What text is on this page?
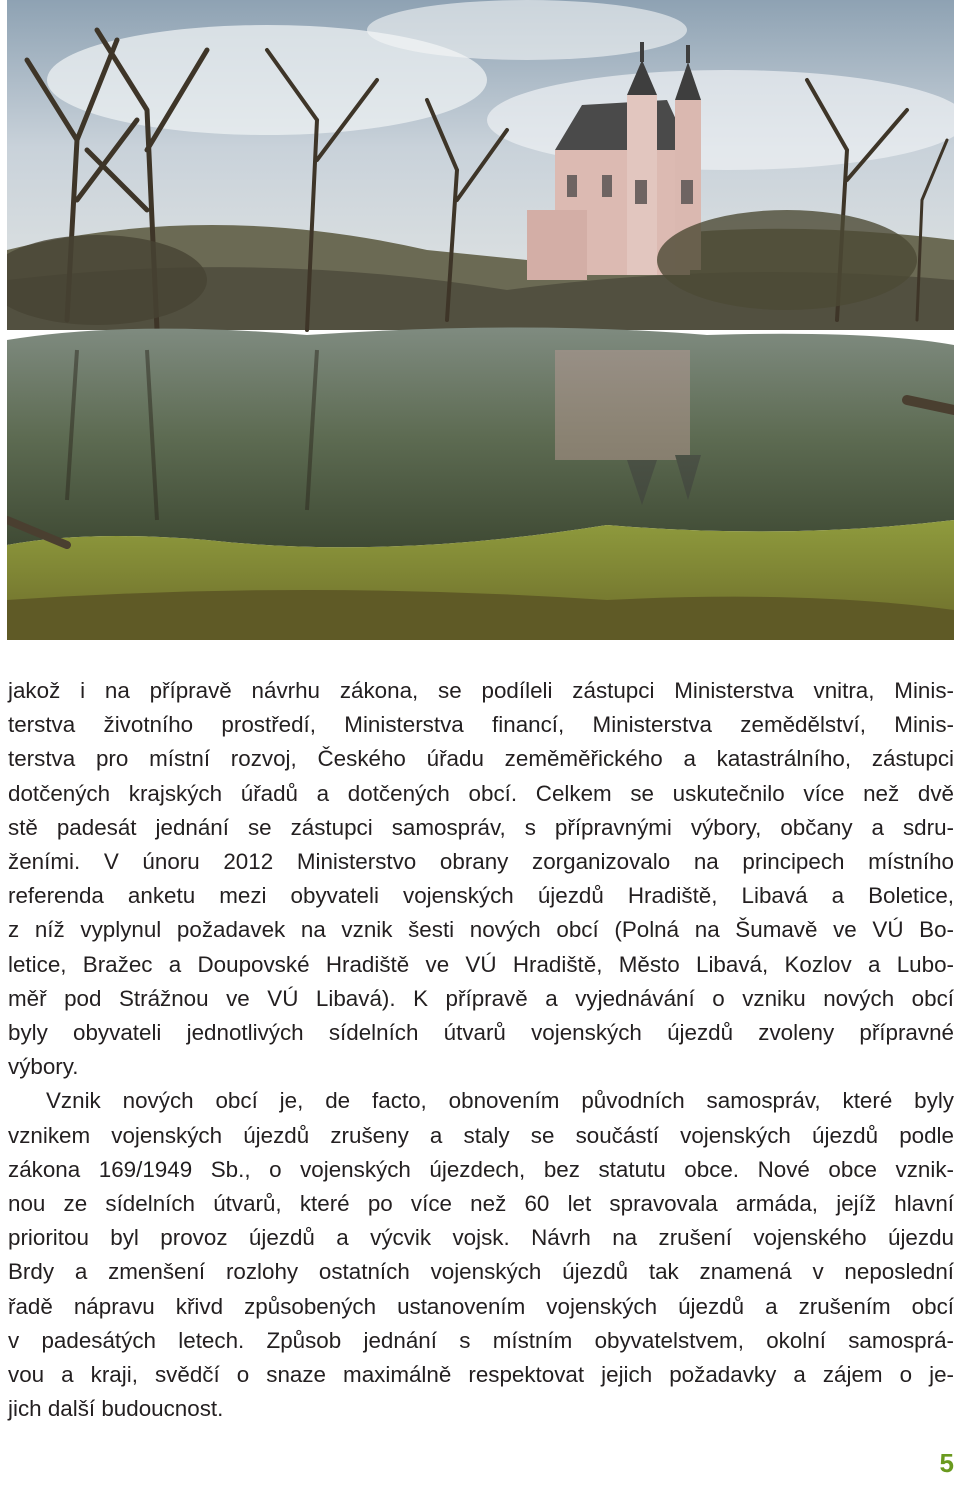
jakož i na přípravě návrhu zákona, se podíleli zástupci Ministerstva vnitra, Minis-
terstva životního prostředí, Ministerstva financí, Ministerstva zemědělství, Minis-
terstva pro místní rozvoj, Českého úřadu zeměměřického a katastrálního, zástupci
dotčených krajských úřadů a dotčených obcí. Celkem se uskutečnilo více než dvě
stě padesát jednání se zástupci samospráv, s přípravnými výbory, občany a sdru-
ženími. V únoru 2012 Ministerstvo obrany zorganizovalo na principech místního
referenda anketu mezi obyvateli vojenských újezdů Hradiště, Libavá a Boletice,
z níž vyplynul požadavek na vznik šesti nových obcí (Polná na Šumavě ve VÚ Bo-
letice, Bražec a Doupovské Hradiště ve VÚ Hradiště, Město Libavá, Kozlov a Lubo-
měř pod Strážnou ve VÚ Libavá). K přípravě a vyjednávání o vzniku nových obcí
byly obyvateli jednotlivých sídelních útvarů vojenských újezdů zvoleny přípravné
výbory.
Vznik nových obcí je, de facto, obnovením původních samospráv, které byly
vznikem vojenských újezdů zrušeny a staly se součástí vojenských újezdů podle
zákona 169/1949 Sb., o vojenských újezdech, bez statutu obce. Nové obce vznik-
nou ze sídelních útvarů, které po více než 60 let spravovala armáda, jejíž hlavní
prioritou byl provoz újezdů a výcvik vojsk. Návrh na zrušení vojenského újezdu
Brdy a zmenšení rozlohy ostatních vojenských újezdů tak znamená v neposlední
řadě nápravu křivd způsobených ustanovením vojenských újezdů a zrušením obcí
v padesátých letech. Způsob jednání s místním obyvatelstvem, okolní samosprá-
vou a kraji, svědčí o snaze maximálně respektovat jejich požadavky a zájem o je-
jich další budoucnost.
5
